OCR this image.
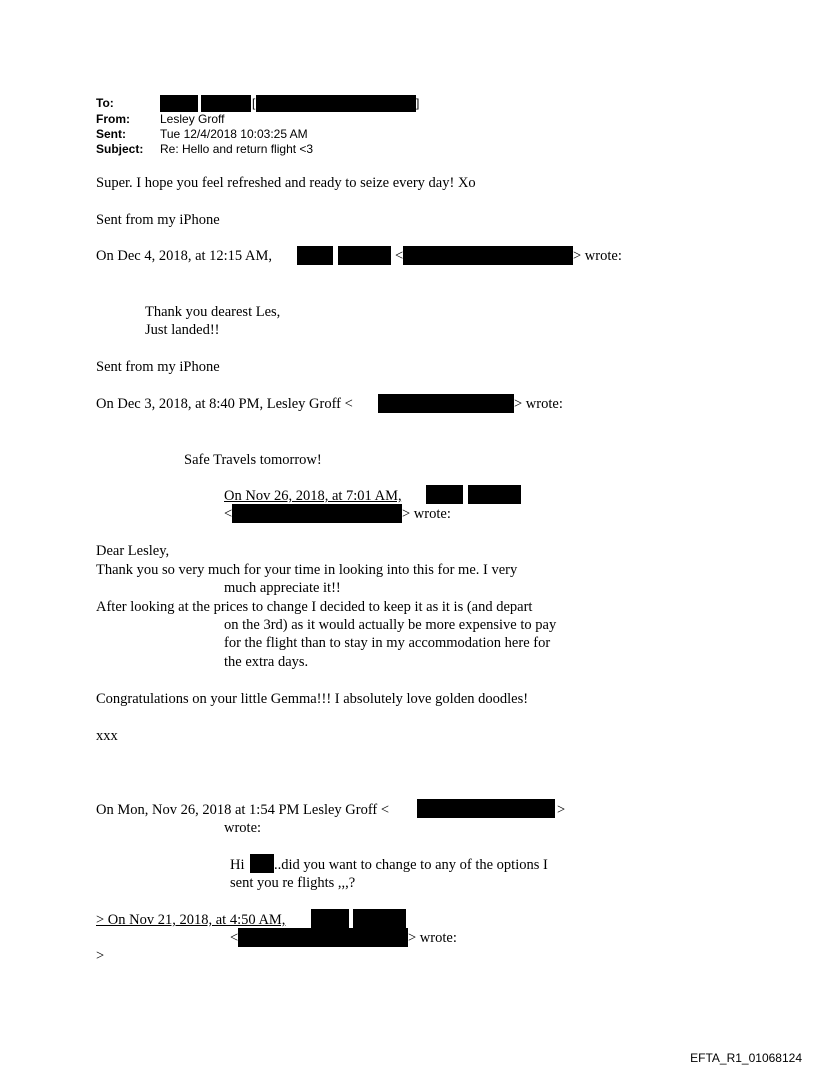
To:	[	]
From:	Lesley Groff
Sent:	Tue 12/4/2018 10:03:25 AM
Subject: Re: Hello and return flight <3
Super. I hope you feel refreshed and ready to seize every day! Xo
Sent from my iPhone
On Dec 4, 2018, at 12:15 AM,	<	> wrote:
Thank you dearest Les,
Just landed!!
Sent from my iPhone
On Dec 3, 2018, at 8:40 PM, Lesley Groff <	> wrote:
Safe Travels tomorrow!
On Nov 26, 2018, at 7:01 AM,
<	> wrote:
Dear Lesley,
Thank you so very much for your time in looking into this for me. I very
much appreciate it!!
After looking at the prices to change I decided to keep it as it is (and depart
on the 3rd) as it would actually be more expensive to pay
for the flight than to stay in my accommodation here for
the extra days.
Congratulations on your little Gemma!!! I absolutely love golden doodles!
xxx
On Mon, Nov 26, 2018 at 1:54 PM Lesley Groff <	>
wrote:
Hi ..did you want to change to any of the options I
sent you re flights ,,,?
> On Nov 21, 2018, at 4:50 AM,
<	> wrote:
>
EFTA_R1_01068124
